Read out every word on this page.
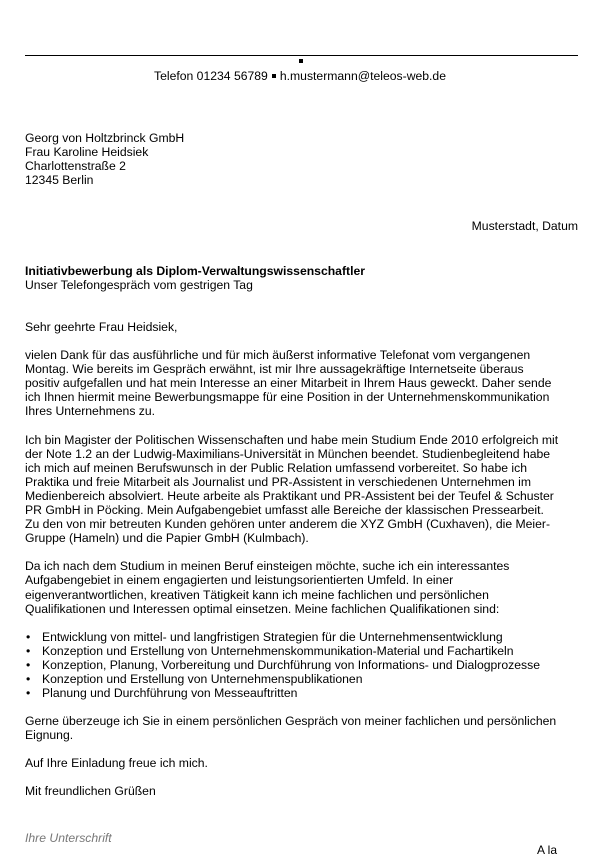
Telefon 01234 56789 h.mustermann@teleos-web.de
Georg von Holtzbrinck GmbH
Frau Karoline Heidsiek
Charlottenstraße 2
12345 Berlin
Musterstadt, Datum
Initiativbewerbung als Diplom-Verwaltungswissenschaftler
Unser Telefongespräch vom gestrigen Tag

Sehr geehrte Frau Heidsiek,

vielen Dank für das ausführliche und für mich äußerst informative Telefonat vom vergangenen
Montag. Wie bereits im Gespräch erwähnt, ist mir Ihre aussagekräftige Internetseite überaus
positiv aufgefallen und hat mein Interesse an einer Mitarbeit in Ihrem Haus geweckt. Daher sende
ich Ihnen hiermit meine Bewerbungsmappe für eine Position in der Unternehmenskommunikation
Ihres Unternehmens zu.

Ich bin Magister der Politischen Wissenschaften und habe mein Studium Ende 2010 erfolgreich mit
der Note 1.2 an der Ludwig-Maximilians-Universität in München beendet. Studienbegleitend habe
ich mich auf meinen Berufswunsch in der Public Relation umfassend vorbereitet. So habe ich
Praktika und freie Mitarbeit als Journalist und PR-Assistent in verschiedenen Unternehmen im
Medienbereich absolviert. Heute arbeite als Praktikant und PR-Assistent bei der Teufel & Schuster
PR GmbH in Pöcking. Mein Aufgabengebiet umfasst alle Bereiche der klassischen Pressearbeit.
Zu den von mir betreuten Kunden gehören unter anderem die XYZ GmbH (Cuxhaven), die Meier-
Gruppe (Hameln) und die Papier GmbH (Kulmbach).

Da ich nach dem Studium in meinen Beruf einsteigen möchte, suche ich ein interessantes
Aufgabengebiet in einem engagierten und leistungsorientierten Umfeld. In einer
eigenverantwortlichen, kreativen Tätigkeit kann ich meine fachlichen und persönlichen
Qualifikationen und Interessen optimal einsetzen. Meine fachlichen Qualifikationen sind:

• Entwicklung von mittel- und langfristigen Strategien für die Unternehmensentwicklung
• Konzeption und Erstellung von Unternehmenskommunikation-Material und Fachartikeln
• Konzeption, Planung, Vorbereitung und Durchführung von Informations- und Dialogprozesse
• Konzeption und Erstellung von Unternehmenspublikationen
• Planung und Durchführung von Messeauftritten

Gerne überzeuge ich Sie in einem persönlichen Gespräch von meiner fachlichen und persönlichen
Eignung.

Auf Ihre Einladung freue ich mich.

Mit freundlichen Grüßen

Ihre Unterschrift
A la
